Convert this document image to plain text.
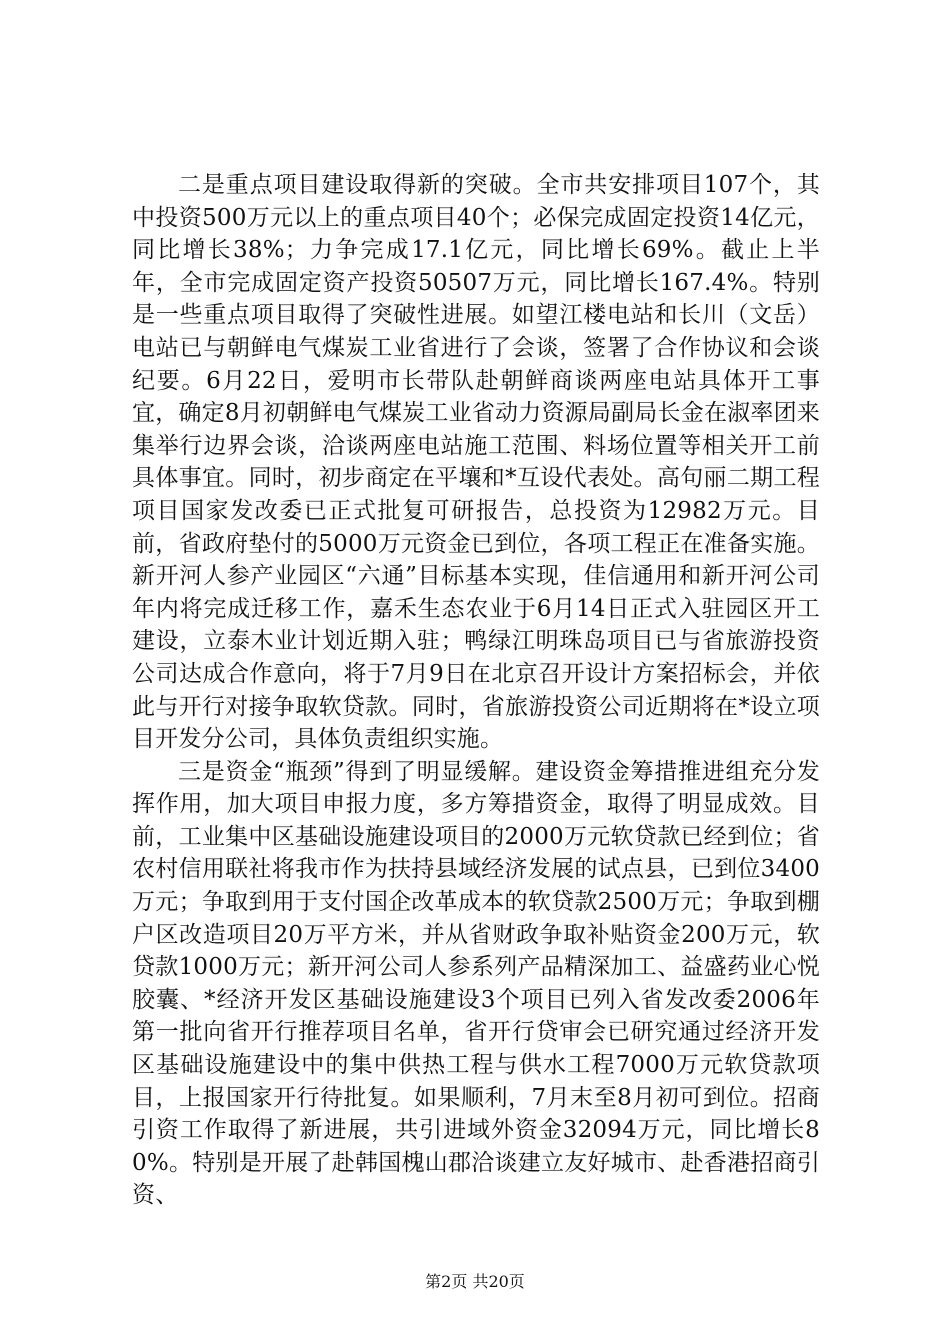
二是重点项目建设取得新的突破。全市共安排项目107个，其中投资500万元以上的重点项目40个；必保完成固定投资14亿元，同比增长38%；力争完成17.1亿元，同比增长69%。截止上半年，全市完成固定资产投资50507万元，同比增长167.4%。特别是一些重点项目取得了突破性进展。如望江楼电站和长川（文岳）电站已与朝鲜电气煤炭工业省进行了会谈，签署了合作协议和会谈纪要。6月22日，爱明市长带队赴朝鲜商谈两座电站具体开工事宜，确定8月初朝鲜电气煤炭工业省动力资源局副局长金在淑率团来集举行边界会谈，洽谈两座电站施工范围、料场位置等相关开工前具体事宜。同时，初步商定在平壤和*互设代表处。高句丽二期工程项目国家发改委已正式批复可研报告，总投资为12982万元。目前，省政府垫付的5000万元资金已到位，各项工程正在准备实施。新开河人参产业园区“六通”目标基本实现，佳信通用和新开河公司年内将完成迁移工作，嘉禾生态农业于6月14日正式入驻园区开工建设，立泰木业计划近期入驻；鸭绿江明珠岛项目已与省旅游投资公司达成合作意向，将于7月9日在北京召开设计方案招标会，并依此与开行对接争取软贷款。同时，省旅游投资公司近期将在*设立项目开发分公司，具体负责组织实施。

三是资金“瓶颈”得到了明显缓解。建设资金筹措推进组充分发挥作用，加大项目申报力度，多方筹措资金，取得了明显成效。目前，工业集中区基础设施建设项目的2000万元软贷款已经到位；省农村信用联社将我市作为扶持县域经济发展的试点县，已到位3400万元；争取到用于支付国企改革成本的软贷款2500万元；争取到棚户区改造项目20万平方米，并从省财政争取补贴资金200万元，软贷款1000万元；新开河公司人参系列产品精深加工、益盛药业心悦胶囊、*经济开发区基础设施建设3个项目已列入省发改委2006年第一批向省开行推荐项目名单，省开行贷审会已研究通过经济开发区基础设施建设中的集中供热工程与供水工程7000万元软贷款项目，上报国家开行待批复。如果顺利，7月末至8月初可到位。招商引资工作取得了新进展，共引进域外资金32094万元，同比增长80%。特别是开展了赴韩国槐山郡洽谈建立友好城市、赴香港招商引资、

第2页 共20页
